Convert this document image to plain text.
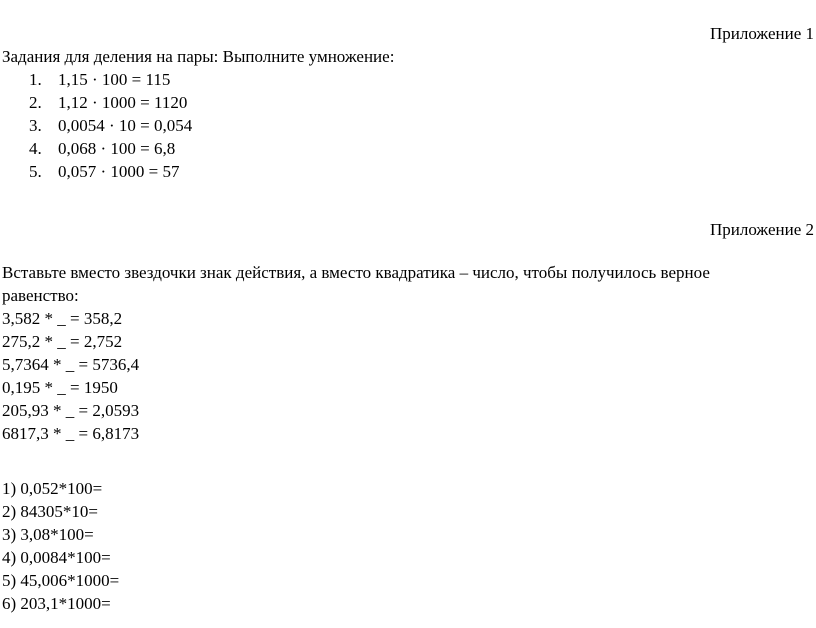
Приложение 1
Задания для деления на пары: Выполните умножение:
1. 1,15 · 100 = 115
2. 1,12 · 1000 = 1120
3. 0,0054 · 10 = 0,054
4. 0,068 · 100 = 6,8
5. 0,057 · 1000 = 57
Приложение 2
Вставьте вместо звездочки знак действия, а вместо квадратика – число, чтобы получилось верное
равенство:
3,582 * _ = 358,2
275,2 * _ = 2,752
5,7364 * _ = 5736,4
0,195 * _ = 1950
205,93 * _ = 2,0593
6817,3 * _ = 6,8173
1) 0,052*100=
2) 84305*10=
3) 3,08*100=
4) 0,0084*100=
5) 45,006*1000=
6) 203,1*1000=
